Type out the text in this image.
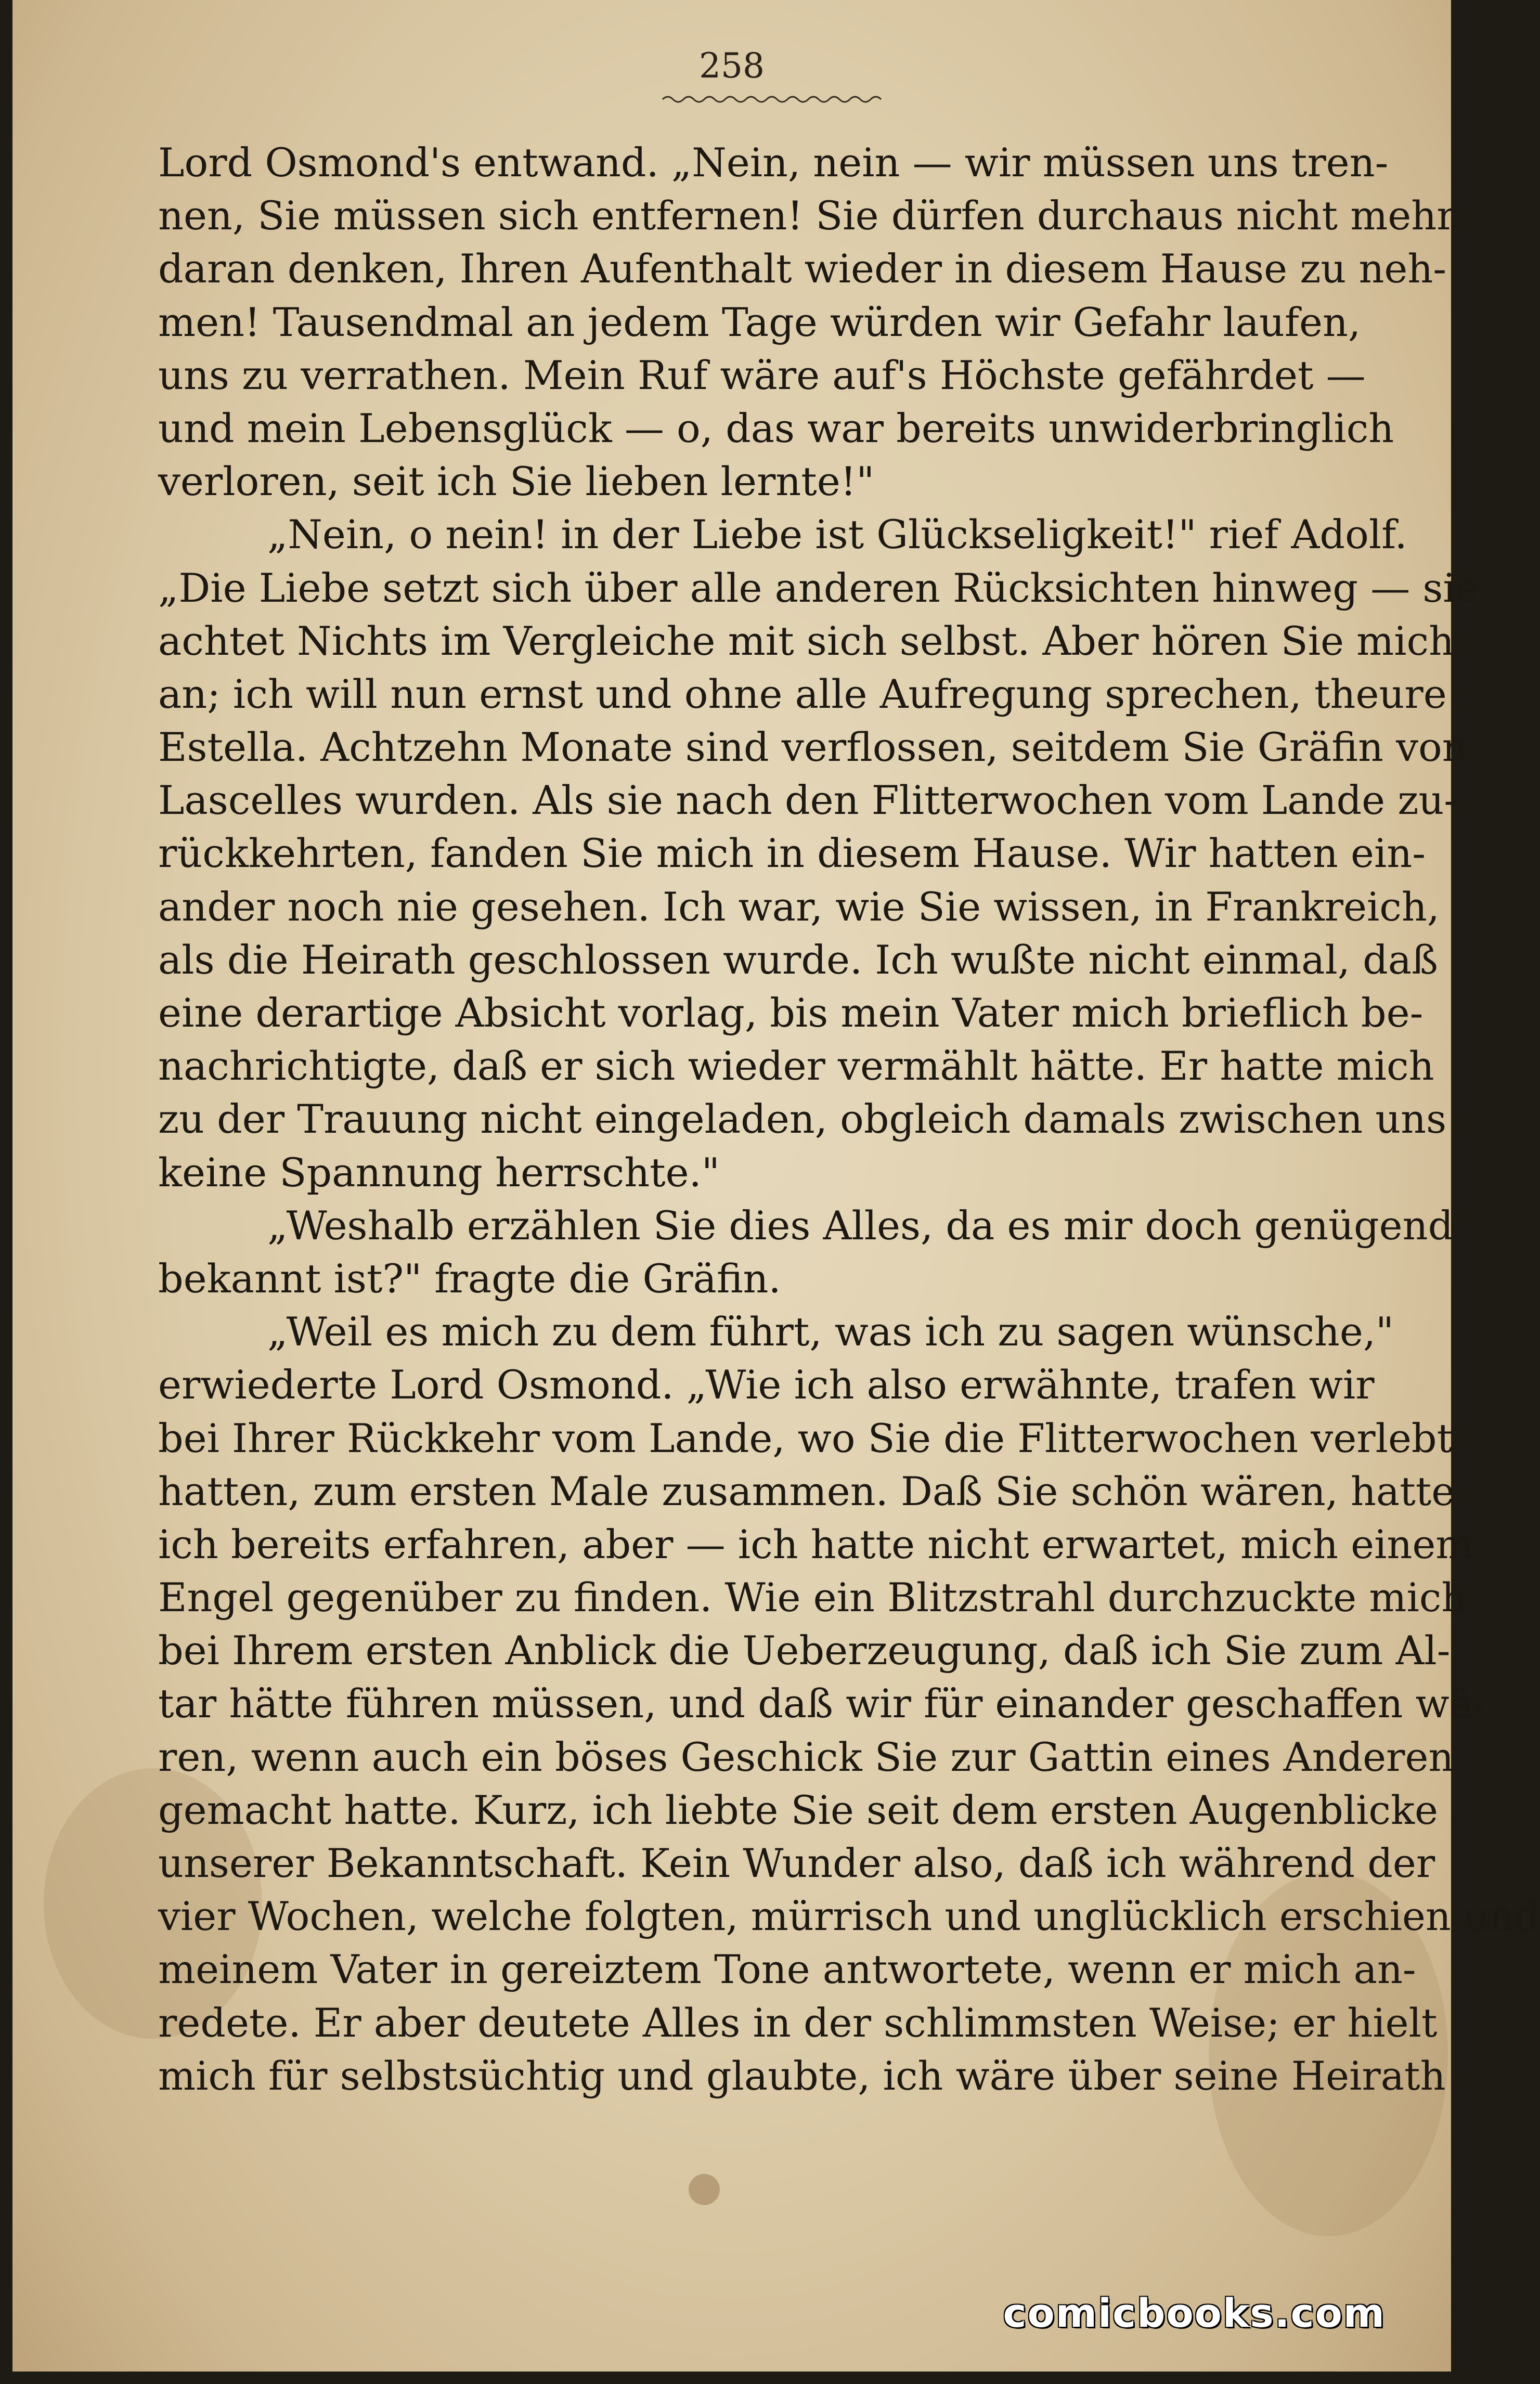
258
Lord Osmond's entwand. „Nein, nein — wir müssen uns tren-
nen, Sie müssen sich entfernen! Sie dürfen durchaus nicht mehr
daran denken, Ihren Aufenthalt wieder in diesem Hause zu neh-
men! Tausendmal an jedem Tage würden wir Gefahr laufen,
uns zu verrathen. Mein Ruf wäre auf's Höchste gefährdet —
und mein Lebensglück — o, das war bereits unwiderbringlich
verloren, seit ich Sie lieben lernte!"
„Nein, o nein! in der Liebe ist Glückseligkeit!" rief Adolf.
„Die Liebe setzt sich über alle anderen Rücksichten hinweg — sie
achtet Nichts im Vergleiche mit sich selbst. Aber hören Sie mich
an; ich will nun ernst und ohne alle Aufregung sprechen, theure
Estella. Achtzehn Monate sind verflossen, seitdem Sie Gräfin von
Lascelles wurden. Als sie nach den Flitterwochen vom Lande zu-
rückkehrten, fanden Sie mich in diesem Hause. Wir hatten ein-
ander noch nie gesehen. Ich war, wie Sie wissen, in Frankreich,
als die Heirath geschlossen wurde. Ich wußte nicht einmal, daß
eine derartige Absicht vorlag, bis mein Vater mich brieflich be-
nachrichtigte, daß er sich wieder vermählt hätte. Er hatte mich
zu der Trauung nicht eingeladen, obgleich damals zwischen uns
keine Spannung herrschte."
„Weshalb erzählen Sie dies Alles, da es mir doch genügend
bekannt ist?" fragte die Gräfin.
„Weil es mich zu dem führt, was ich zu sagen wünsche,"
erwiederte Lord Osmond. „Wie ich also erwähnte, trafen wir
bei Ihrer Rückkehr vom Lande, wo Sie die Flitterwochen verlebt
hatten, zum ersten Male zusammen. Daß Sie schön wären, hatte
ich bereits erfahren, aber — ich hatte nicht erwartet, mich einem
Engel gegenüber zu finden. Wie ein Blitzstrahl durchzuckte mich
bei Ihrem ersten Anblick die Ueberzeugung, daß ich Sie zum Al-
tar hätte führen müssen, und daß wir für einander geschaffen wä-
ren, wenn auch ein böses Geschick Sie zur Gattin eines Anderen
gemacht hatte. Kurz, ich liebte Sie seit dem ersten Augenblicke
unserer Bekanntschaft. Kein Wunder also, daß ich während der
vier Wochen, welche folgten, mürrisch und unglücklich erschien und
meinem Vater in gereiztem Tone antwortete, wenn er mich an-
redete. Er aber deutete Alles in der schlimmsten Weise; er hielt
mich für selbstsüchtig und glaubte, ich wäre über seine Heirath
comicbooks.com
